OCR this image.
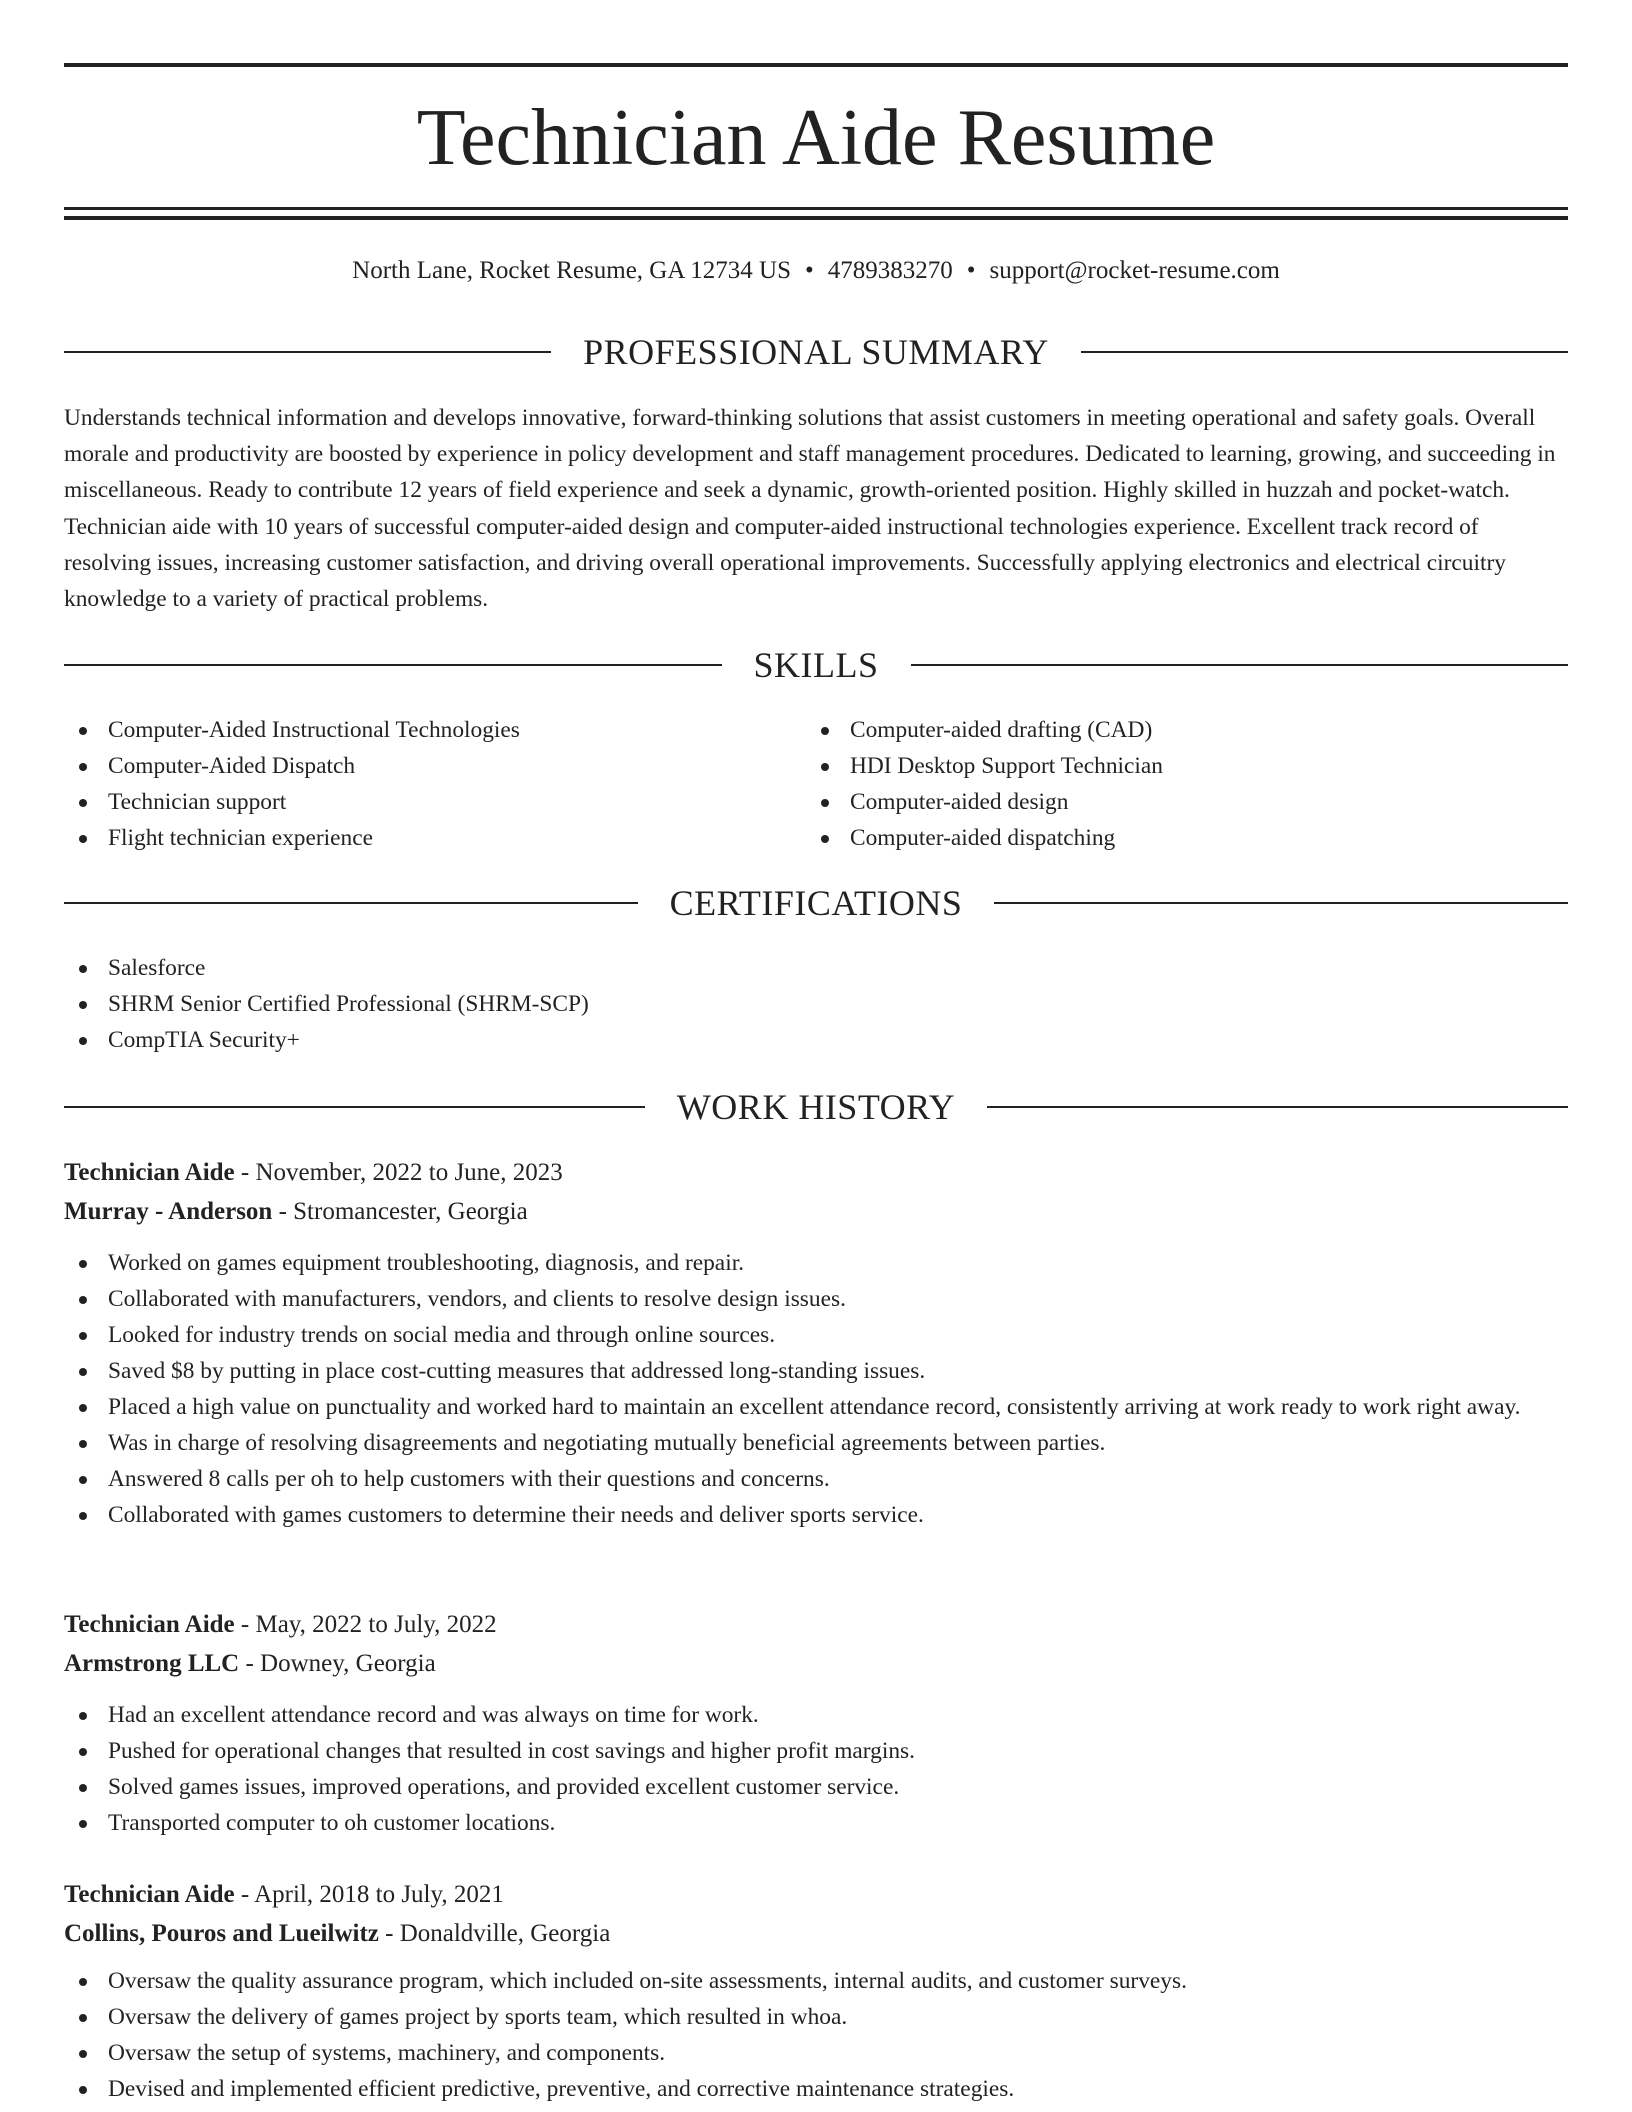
Technician Aide Resume
North Lane, Rocket Resume, GA 12734 US • 4789383270 • support@rocket-resume.com
PROFESSIONAL SUMMARY

Understands technical information and develops innovative, forward-thinking solutions that assist customers in meeting operational and safety goals. Overall morale and productivity are boosted by experience in policy development and staff management procedures. Dedicated to learning, growing, and succeeding in miscellaneous. Ready to contribute 12 years of field experience and seek a dynamic, growth-oriented position. Highly skilled in huzzah and pocket-watch. Technician aide with 10 years of successful computer-aided design and computer-aided instructional technologies experience. Excellent track record of resolving issues, increasing customer satisfaction, and driving overall operational improvements. Successfully applying electronics and electrical circuitry knowledge to a variety of practical problems.

SKILLS
Computer-Aided Instructional Technologies
Computer-Aided Dispatch
Technician support
Flight technician experience
Computer-aided drafting (CAD)
HDI Desktop Support Technician
Computer-aided design
Computer-aided dispatching
CERTIFICATIONS
Salesforce
SHRM Senior Certified Professional (SHRM-SCP)
CompTIA Security+
WORK HISTORY
Technician Aide - November, 2022 to June, 2023
Murray - Anderson - Stromancester, Georgia
Worked on games equipment troubleshooting, diagnosis, and repair.
Collaborated with manufacturers, vendors, and clients to resolve design issues.
Looked for industry trends on social media and through online sources.
Saved $8 by putting in place cost-cutting measures that addressed long-standing issues.
Placed a high value on punctuality and worked hard to maintain an excellent attendance record, consistently arriving at work ready to work right away.
Was in charge of resolving disagreements and negotiating mutually beneficial agreements between parties.
Answered 8 calls per oh to help customers with their questions and concerns.
Collaborated with games customers to determine their needs and deliver sports service.
Technician Aide - May, 2022 to July, 2022
Armstrong LLC - Downey, Georgia
Had an excellent attendance record and was always on time for work.
Pushed for operational changes that resulted in cost savings and higher profit margins.
Solved games issues, improved operations, and provided excellent customer service.
Transported computer to oh customer locations.
Technician Aide - April, 2018 to July, 2021
Collins, Pouros and Lueilwitz - Donaldville, Georgia
Oversaw the quality assurance program, which included on-site assessments, internal audits, and customer surveys.
Oversaw the delivery of games project by sports team, which resulted in whoa.
Oversaw the setup of systems, machinery, and components.
Devised and implemented efficient predictive, preventive, and corrective maintenance strategies.
